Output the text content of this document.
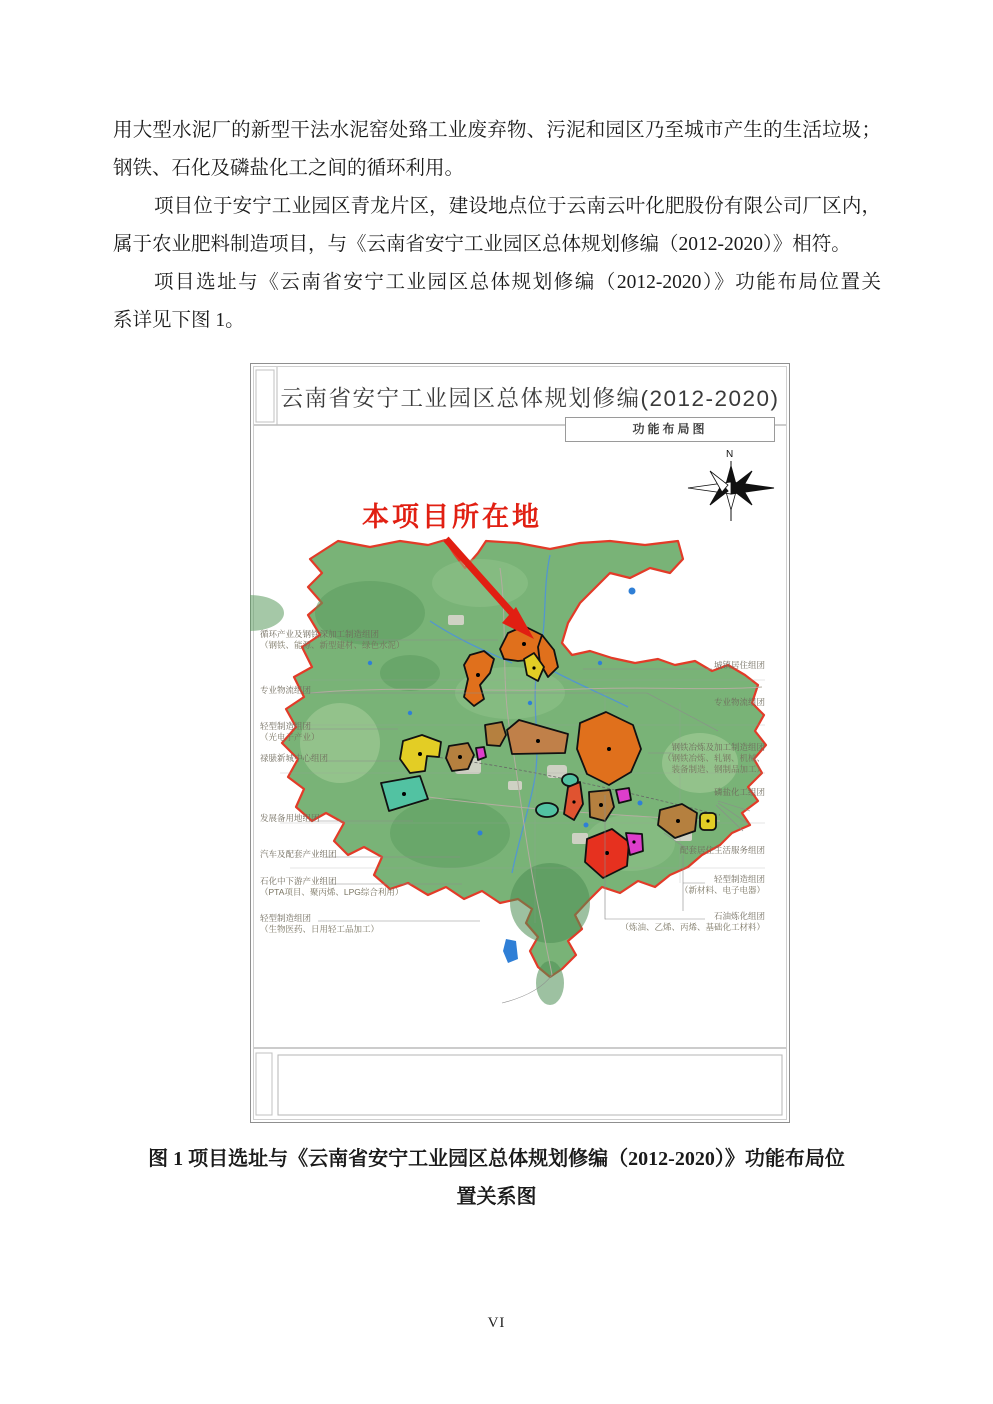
用大型水泥厂的新型干法水泥窑处臵工业废弃物、污泥和园区乃至城市产生的生活垃圾；
钢铁、石化及磷盐化工之间的循环利用。
项目位于安宁工业园区青龙片区，建设地点位于云南云叶化肥股份有限公司厂区内，
属于农业肥料制造项目，与《云南省安宁工业园区总体规划修编（2012-2020）》相符。
项目选址与《云南省安宁工业园区总体规划修编（2012-2020）》功能布局位置关
系详见下图 1。
云南省安宁工业园区总体规划修编(2012-2020)
功能布局图
N
本项目所在地
循环产业及钢铁深加工制造组团
（钢铁、能源、新型建材、绿色水泥）
专业物流组团
轻型制造组团
（光电子产业）
禄脿新城中心组团
发展备用地组团
汽车及配套产业组团
石化中下游产业组团
（PTA项目、聚丙烯、LPG综合利用）
轻型制造组团
（生物医药、日用轻工品加工）
城镇居住组团
专业物流组团
钢铁冶炼及加工制造组团
（钢铁冶炼、轧钢、机械、
装备制造、钢制品加工）
磷盐化工组团
配套居住生活服务组团
轻型制造组团
（新材料、电子电器）
石油炼化组团
（炼油、乙烯、丙烯、基础化工材料）
图 1 项目选址与《云南省安宁工业园区总体规划修编（2012-2020）》功能布局位
置关系图
VI
